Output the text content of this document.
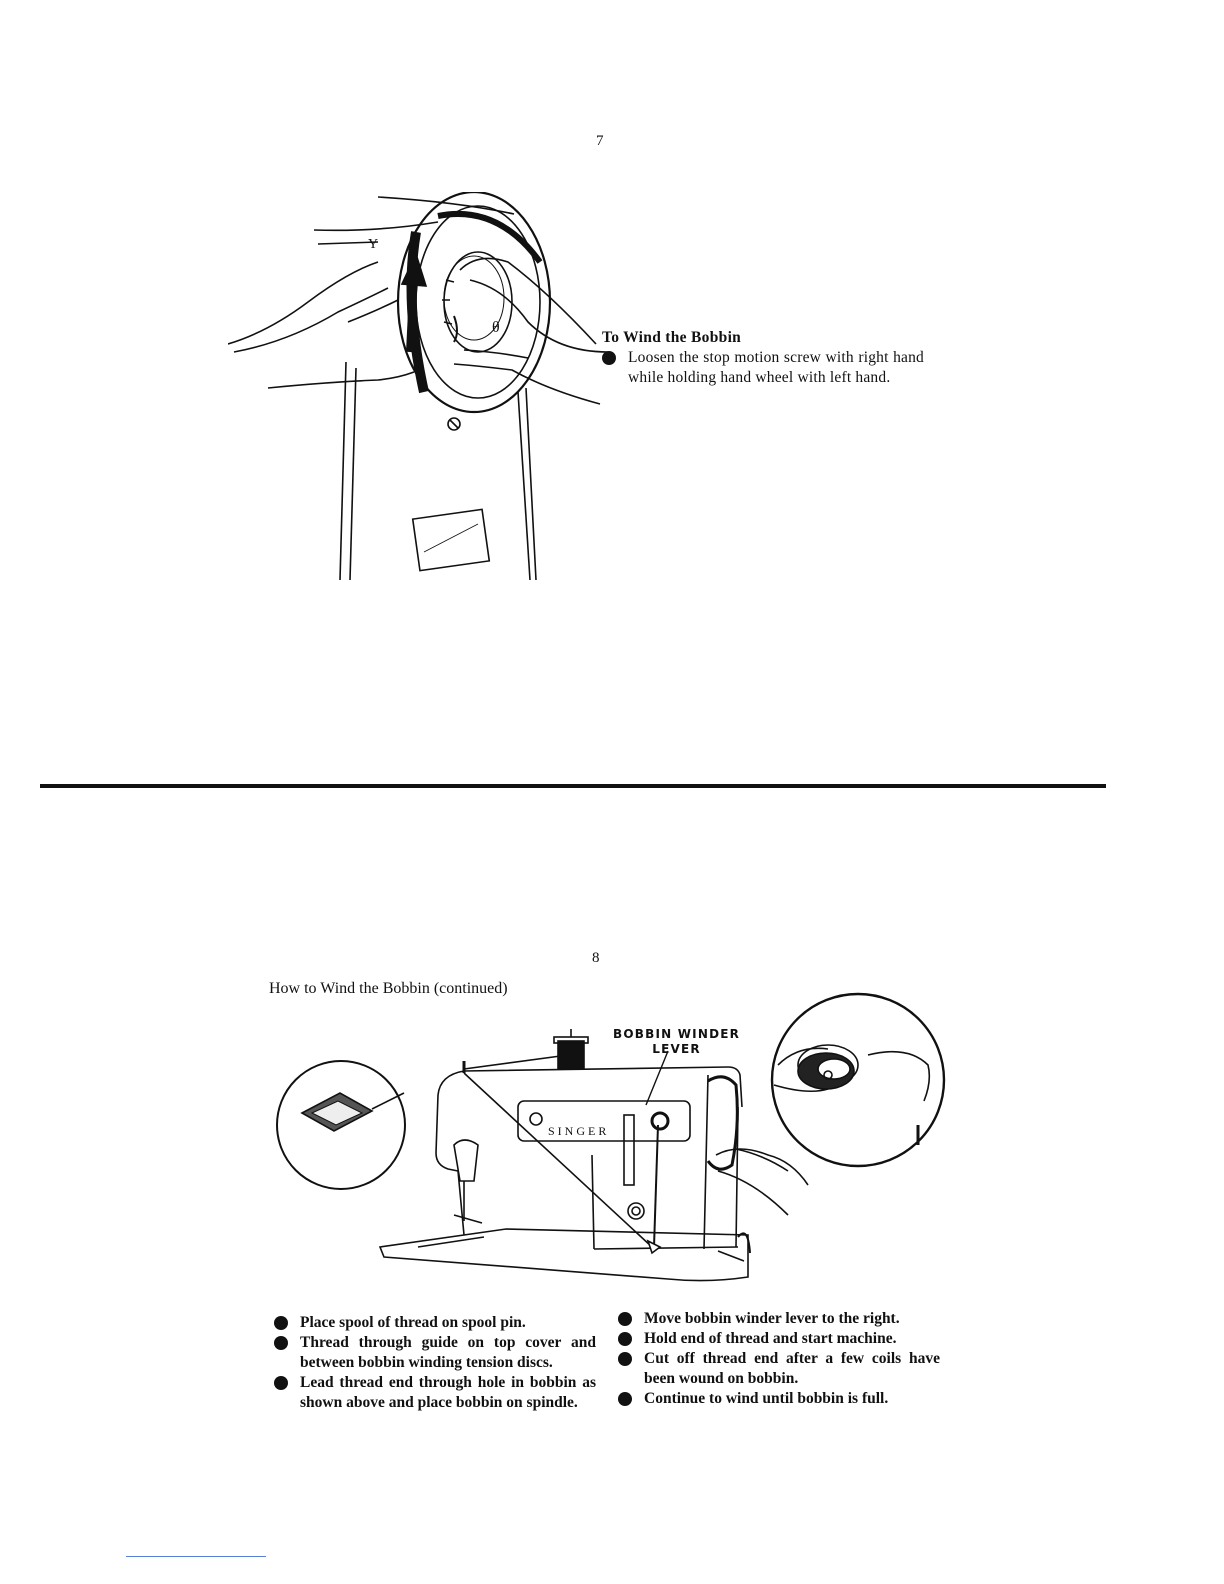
7
Y
θ
To Wind the Bobbin
Loosen the stop motion screw with right hand while holding hand wheel with left hand.
8
How to Wind the Bobbin (continued)
SINGER
BOBBIN WINDER
LEVER
Place spool of thread on spool pin.
Thread through guide on top cover and between bobbin winding tension discs.
Lead thread end through hole in bobbin as shown above and place bobbin on spindle.
Move bobbin winder lever to the right.
Hold end of thread and start machine.
Cut off thread end after a few coils have been wound on bobbin.
Continue to wind until bobbin is full.
